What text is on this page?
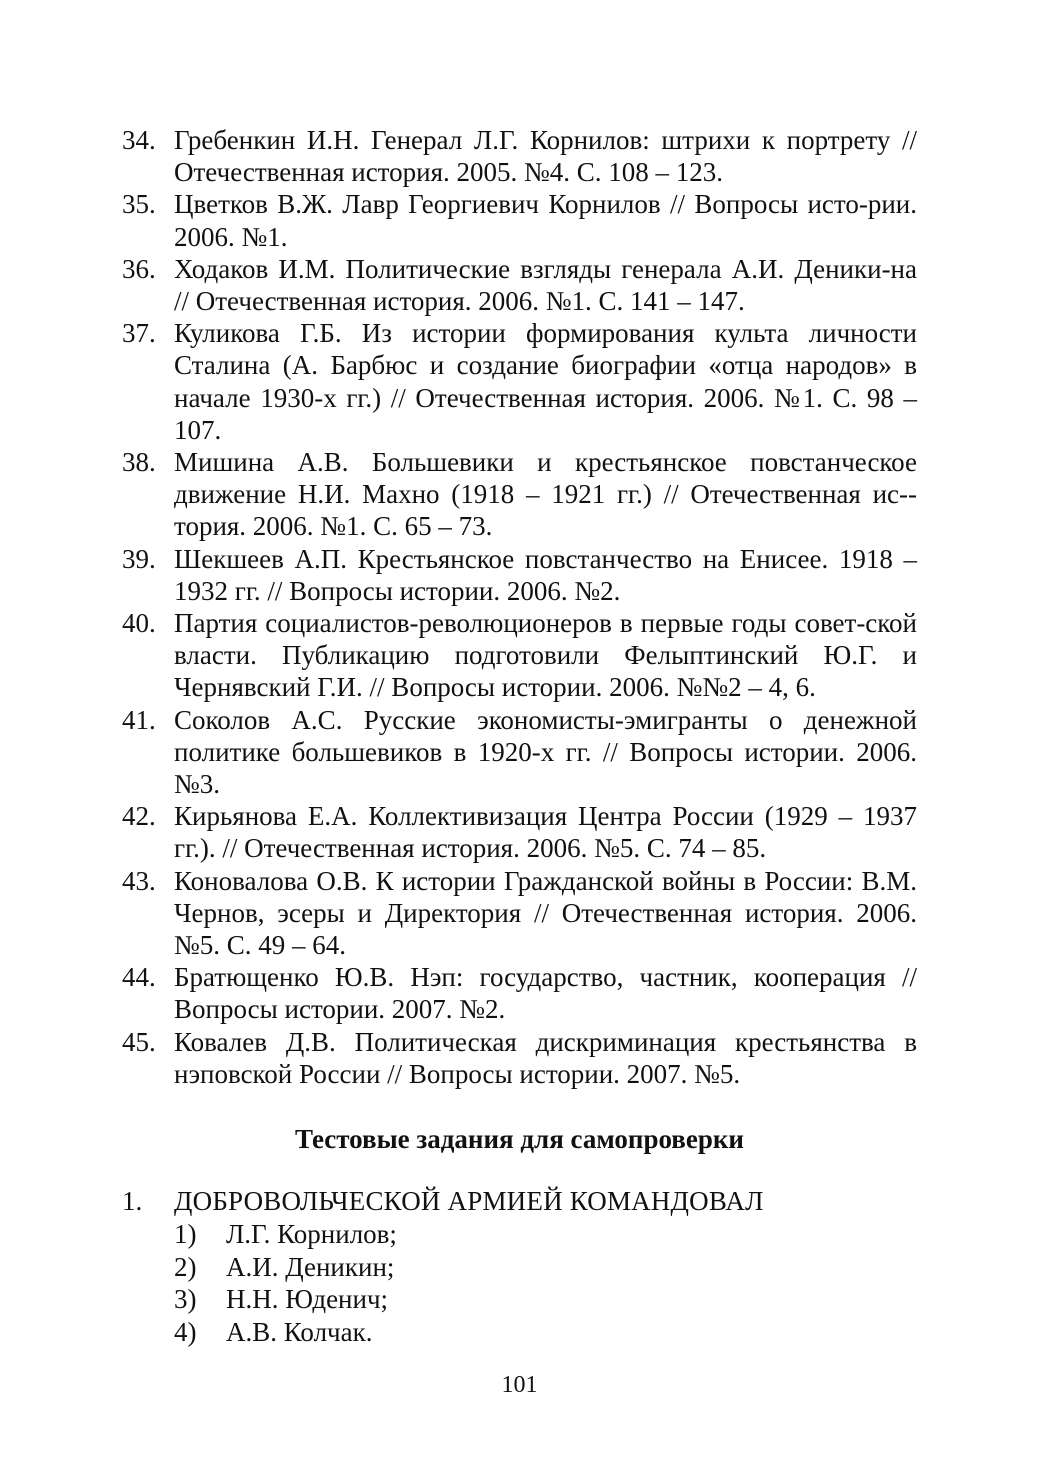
34. Гребенкин И.Н. Генерал Л.Г. Корнилов: штрихи к портрету // Отечественная история. 2005. №4. С. 108 – 123.
35. Цветков В.Ж. Лавр Георгиевич Корнилов // Вопросы исто-рии. 2006. №1.
36. Ходаков И.М. Политические взгляды генерала А.И. Деники-на // Отечественная история. 2006. №1. С. 141 – 147.
37. Куликова Г.Б. Из истории формирования культа личности Сталина (А. Барбюс и создание биографии «отца народов» в начале 1930-х гг.) // Отечественная история. 2006. №1. С. 98 – 107.
38. Мишина А.В. Большевики и крестьянское повстанческое движение Н.И. Махно (1918 – 1921 гг.) // Отечественная ис-тория. 2006. №1. С. 65 – 73.
39. Шекшеев А.П. Крестьянское повстанчество на Енисее. 1918 – 1932 гг. // Вопросы истории. 2006. №2.
40. Партия социалистов-революционеров в первые годы совет-ской власти. Публикацию подготовили Фелыптинский Ю.Г. и Чернявский Г.И. // Вопросы истории. 2006. №№2 – 4, 6.
41. Соколов А.С. Русские экономисты-эмигранты о денежной политике большевиков в 1920-х гг. // Вопросы истории. 2006. №3.
42. Кирьянова Е.А. Коллективизация Центра России (1929 – 1937 гг.). // Отечественная история. 2006. №5. С. 74 – 85.
43. Коновалова О.В. К истории Гражданской войны в России: В.М. Чернов, эсеры и Директория // Отечественная история. 2006. №5. С. 49 – 64.
44. Братющенко Ю.В. Нэп: государство, частник, кооперация // Вопросы истории. 2007. №2.
45. Ковалев Д.В. Политическая дискриминация крестьянства в нэповской России // Вопросы истории. 2007. №5.
Тестовые задания для самопроверки
1.	ДОБРОВОЛЬЧЕСКОЙ АРМИЕЙ КОМАНДОВАЛ
1)	Л.Г. Корнилов;
2)	А.И. Деникин;
3)	Н.Н. Юденич;
4)	А.В. Колчак.
101
